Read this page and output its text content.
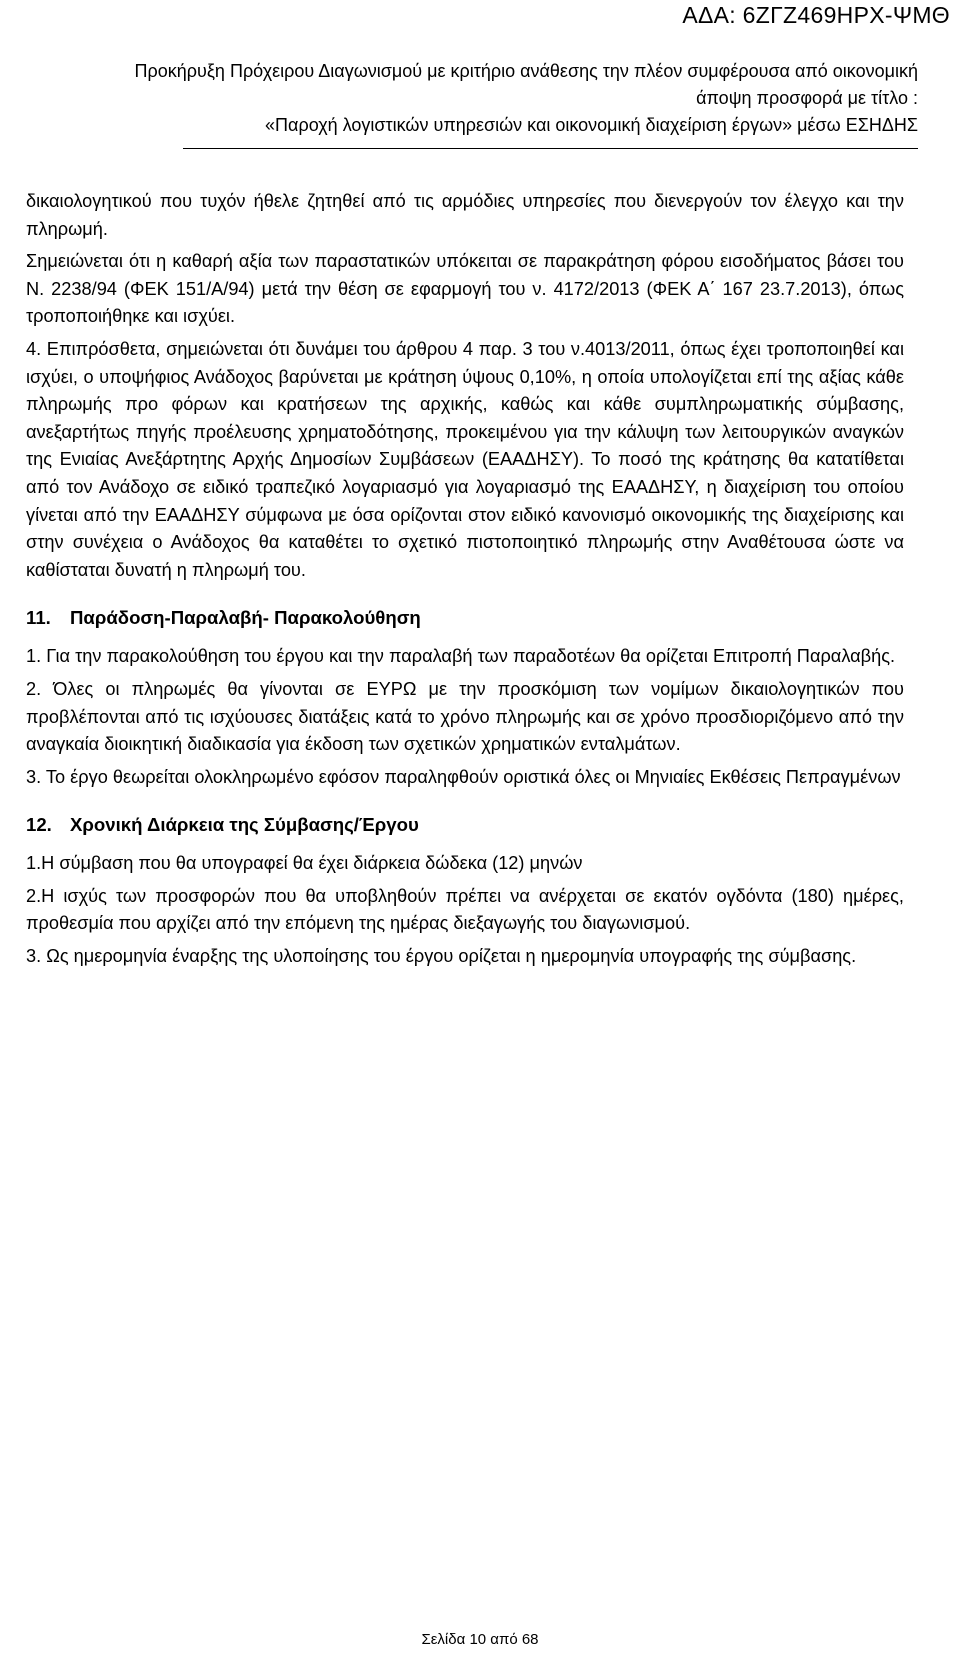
ΑΔΑ: 6ΖΓΖ469ΗΡΧ-ΨΜΘ
Προκήρυξη Πρόχειρου Διαγωνισμού με κριτήριο ανάθεσης την πλέον συμφέρουσα από οικονομική
άποψη προσφορά με τίτλο :
«Παροχή λογιστικών υπηρεσιών και οικονομική διαχείριση έργων» μέσω ΕΣΗΔΗΣ

δικαιολογητικού που τυχόν ήθελε ζητηθεί από τις αρμόδιες υπηρεσίες που διενεργούν τον έλεγχο και την πληρωμή.

Σημειώνεται ότι η καθαρή αξία των παραστατικών υπόκειται σε παρακράτηση φόρου εισοδήματος βάσει του Ν. 2238/94 (ΦΕΚ 151/Α/94) μετά την θέση σε εφαρμογή του ν. 4172/2013 (ΦΕΚ Α΄ 167 23.7.2013), όπως τροποποιήθηκε και ισχύει.

4. Επιπρόσθετα, σημειώνεται ότι δυνάμει του άρθρου 4 παρ. 3 του ν.4013/2011, όπως έχει τροποποιηθεί και ισχύει, ο υποψήφιος Ανάδοχος βαρύνεται με κράτηση ύψους 0,10%, η οποία υπολογίζεται επί της αξίας κάθε πληρωμής προ φόρων και κρατήσεων της αρχικής, καθώς και κάθε συμπληρωματικής σύμβασης, ανεξαρτήτως πηγής προέλευσης χρηματοδότησης, προκειμένου για την κάλυψη των λειτουργικών αναγκών της Ενιαίας Ανεξάρτητης Αρχής Δημοσίων Συμβάσεων (ΕΑΑΔΗΣΥ). Το ποσό της κράτησης θα κατατίθεται από τον Ανάδοχο σε ειδικό τραπεζικό λογαριασμό για λογαριασμό της ΕΑΑΔΗΣΥ, η διαχείριση του οποίου γίνεται από την ΕΑΑΔΗΣΥ σύμφωνα με όσα ορίζονται στον ειδικό κανονισμό οικονομικής της διαχείρισης και στην συνέχεια ο Ανάδοχος θα καταθέτει το σχετικό πιστοποιητικό πληρωμής στην Αναθέτουσα ώστε να καθίσταται δυνατή η πληρωμή του.

11. Παράδοση-Παραλαβή- Παρακολούθηση

1. Για την παρακολούθηση του έργου και την παραλαβή των παραδοτέων θα ορίζεται Επιτροπή Παραλαβής.

2. Όλες οι πληρωμές θα γίνονται σε ΕΥΡΩ με την προσκόμιση των νομίμων δικαιολογητικών που προβλέπονται από τις ισχύουσες διατάξεις κατά το χρόνο πληρωμής και σε χρόνο προσδιοριζόμενο από την αναγκαία διοικητική διαδικασία για έκδοση των σχετικών χρηματικών ενταλμάτων.

3. Το έργο θεωρείται ολοκληρωμένο εφόσον παραληφθούν οριστικά όλες οι Μηνιαίες Εκθέσεις Πεπραγμένων

12. Χρονική Διάρκεια της Σύμβασης/Έργου

1.Η σύμβαση που θα υπογραφεί θα έχει διάρκεια δώδεκα (12) μηνών

2.Η ισχύς των προσφορών που θα υποβληθούν πρέπει να ανέρχεται σε εκατόν ογδόντα (180) ημέρες, προθεσμία που αρχίζει από την επόμενη της ημέρας διεξαγωγής του διαγωνισμού.

3. Ως ημερομηνία έναρξης της υλοποίησης του έργου ορίζεται η ημερομηνία υπογραφής της σύμβασης.

Σελίδα 10 από 68
